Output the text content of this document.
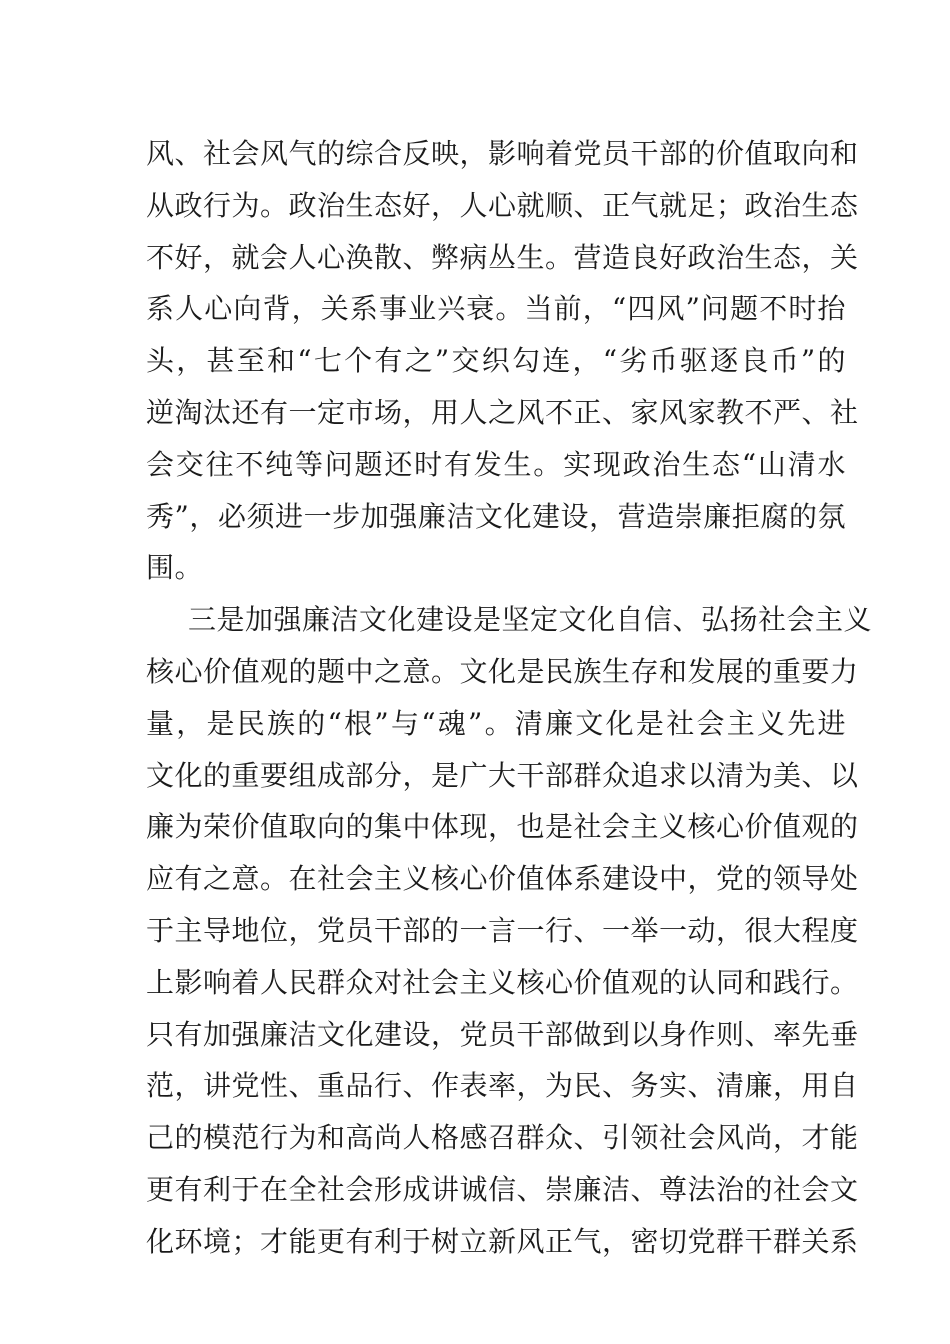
风、社会风气的综合反映，影响着党员干部的价值取向和
从政行为。政治生态好，人心就顺、正气就足；政治生态
不好，就会人心涣散、弊病丛生。营造良好政治生态，关
系人心向背，关系事业兴衰。当前，“四风”问题不时抬
头，甚至和“七个有之”交织勾连，“劣币驱逐良币”的
逆淘汰还有一定市场，用人之风不正、家风家教不严、社
会交往不纯等问题还时有发生。实现政治生态“山清水
秀”，必须进一步加强廉洁文化建设，营造崇廉拒腐的氛
围。
三是加强廉洁文化建设是坚定文化自信、弘扬社会主义
核心价值观的题中之意。文化是民族生存和发展的重要力
量，是民族的“根”与“魂”。清廉文化是社会主义先进
文化的重要组成部分，是广大干部群众追求以清为美、以
廉为荣价值取向的集中体现，也是社会主义核心价值观的
应有之意。在社会主义核心价值体系建设中，党的领导处
于主导地位，党员干部的一言一行、一举一动，很大程度
上影响着人民群众对社会主义核心价值观的认同和践行。
只有加强廉洁文化建设，党员干部做到以身作则、率先垂
范，讲党性、重品行、作表率，为民、务实、清廉，用自
己的模范行为和高尚人格感召群众、引领社会风尚，才能
更有利于在全社会形成讲诚信、崇廉洁、尊法治的社会文
化环境；才能更有利于树立新风正气，密切党群干群关系
